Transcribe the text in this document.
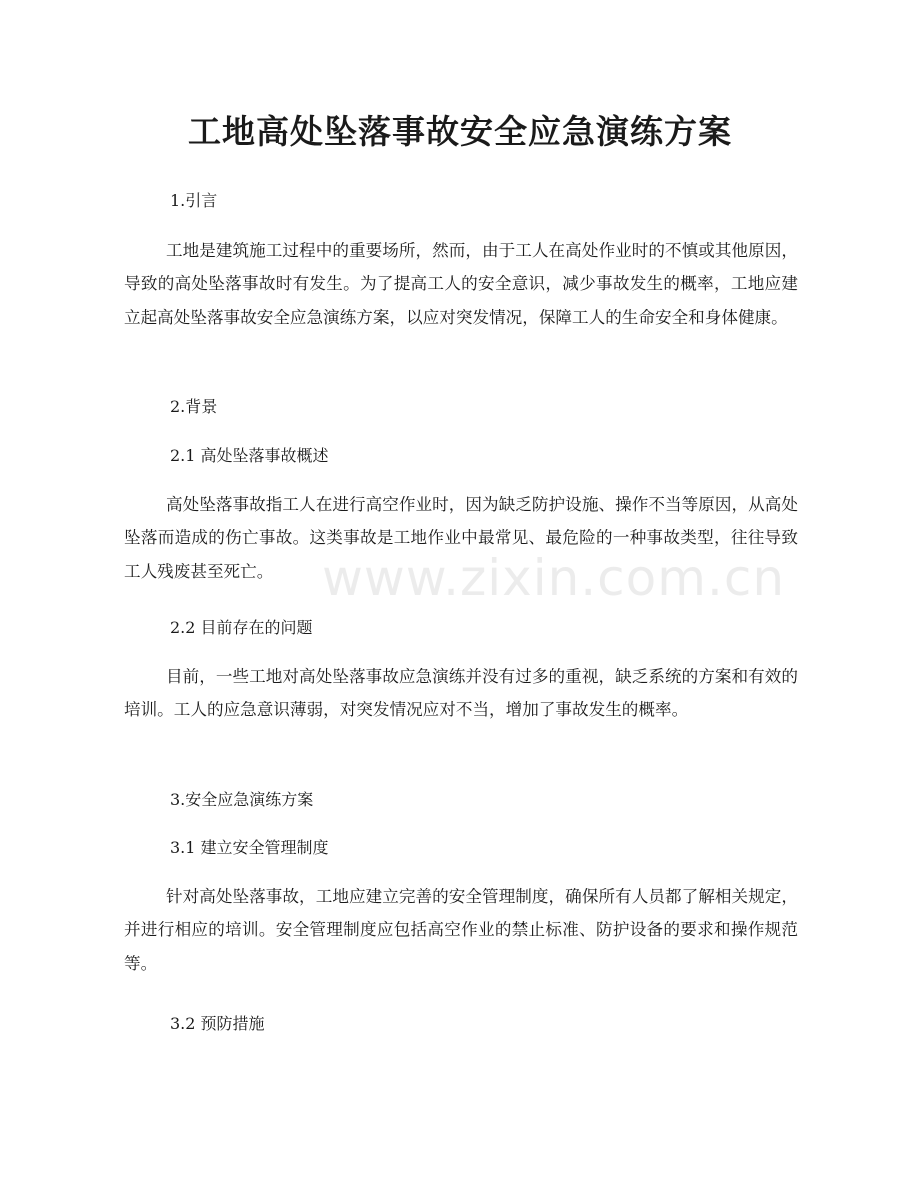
工地高处坠落事故安全应急演练方案

1.引言

工地是建筑施工过程中的重要场所，然而，由于工人在高处作业时的不慎或其他原因，导致的高处坠落事故时有发生。为了提高工人的安全意识，减少事故发生的概率，工地应建立起高处坠落事故安全应急演练方案，以应对突发情况，保障工人的生命安全和身体健康。

2.背景

2.1 高处坠落事故概述

高处坠落事故指工人在进行高空作业时，因为缺乏防护设施、操作不当等原因，从高处坠落而造成的伤亡事故。这类事故是工地作业中最常见、最危险的一种事故类型，往往导致工人残废甚至死亡。

2.2 目前存在的问题

目前，一些工地对高处坠落事故应急演练并没有过多的重视，缺乏系统的方案和有效的培训。工人的应急意识薄弱，对突发情况应对不当，增加了事故发生的概率。

3.安全应急演练方案

3.1 建立安全管理制度

针对高处坠落事故，工地应建立完善的安全管理制度，确保所有人员都了解相关规定，并进行相应的培训。安全管理制度应包括高空作业的禁止标准、防护设备的要求和操作规范等。

3.2 预防措施

www.zixin.com.cn
